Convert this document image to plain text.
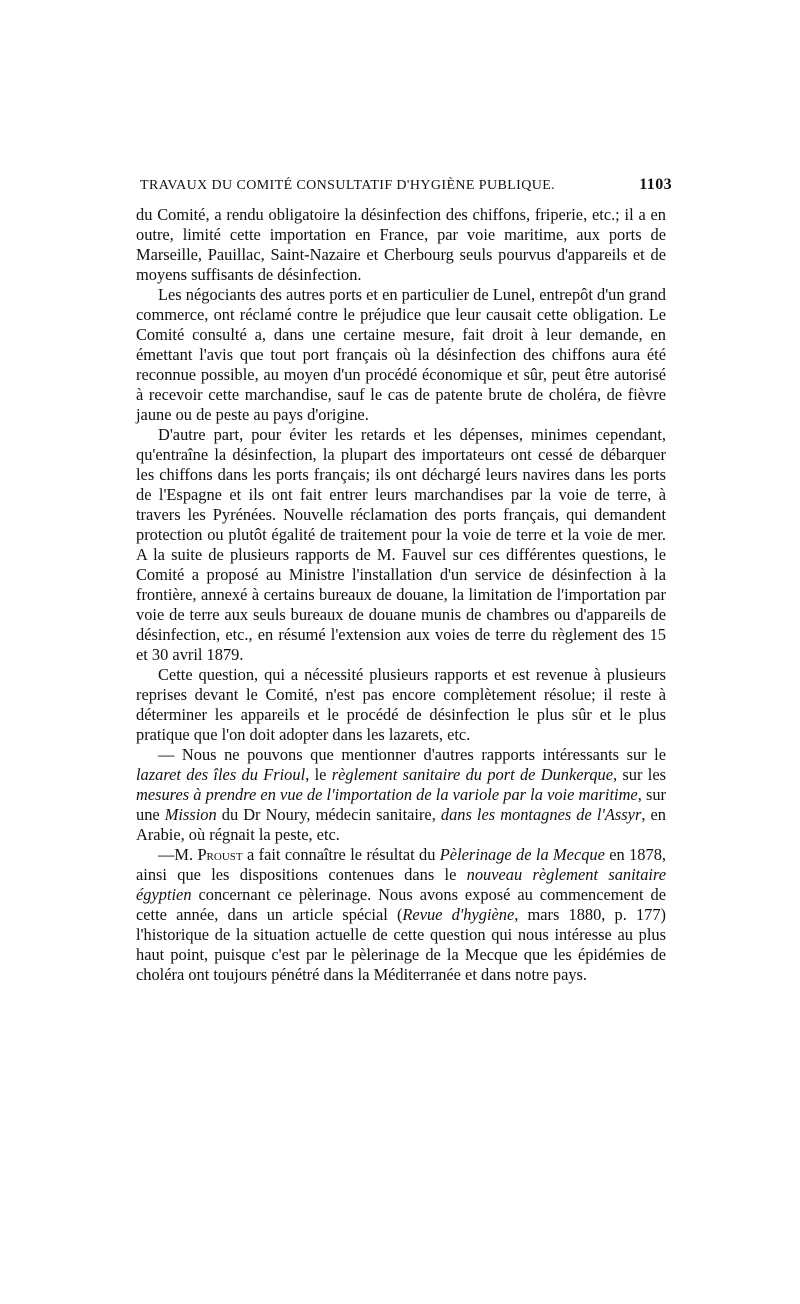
TRAVAUX DU COMITÉ CONSULTATIF D'HYGIÈNE PUBLIQUE.	1103

du Comité, a rendu obligatoire la désinfection des chiffons, friperie, etc.; il a en outre, limité cette importation en France, par voie maritime, aux ports de Marseille, Pauillac, Saint-Nazaire et Cherbourg seuls pourvus d'appareils et de moyens suffisants de désinfection.

Les négociants des autres ports et en particulier de Lunel, entrepôt d'un grand commerce, ont réclamé contre le préjudice que leur causait cette obligation. Le Comité consulté a, dans une certaine mesure, fait droit à leur demande, en émettant l'avis que tout port français où la désinfection des chiffons aura été reconnue possible, au moyen d'un procédé économique et sûr, peut être autorisé à recevoir cette marchandise, sauf le cas de patente brute de choléra, de fièvre jaune ou de peste au pays d'origine.

D'autre part, pour éviter les retards et les dépenses, minimes cependant, qu'entraîne la désinfection, la plupart des importateurs ont cessé de débarquer les chiffons dans les ports français; ils ont déchargé leurs navires dans les ports de l'Espagne et ils ont fait entrer leurs marchandises par la voie de terre, à travers les Pyrénées. Nouvelle réclamation des ports français, qui demandent protection ou plutôt égalité de traitement pour la voie de terre et la voie de mer. A la suite de plusieurs rapports de M. Fauvel sur ces différentes questions, le Comité a proposé au Ministre l'installation d'un service de désinfection à la frontière, annexé à certains bureaux de douane, la limitation de l'importation par voie de terre aux seuls bureaux de douane munis de chambres ou d'appareils de désinfection, etc., en résumé l'extension aux voies de terre du règlement des 15 et 30 avril 1879.

Cette question, qui a nécessité plusieurs rapports et est revenue à plusieurs reprises devant le Comité, n'est pas encore complètement résolue; il reste à déterminer les appareils et le procédé de désinfection le plus sûr et le plus pratique que l'on doit adopter dans les lazarets, etc.

— Nous ne pouvons que mentionner d'autres rapports intéressants sur le lazaret des îles du Frioul, le règlement sanitaire du port de Dunkerque, sur les mesures à prendre en vue de l'importation de la variole par la voie maritime, sur une Mission du Dr Noury, médecin sanitaire, dans les montagnes de l'Assyr, en Arabie, où régnait la peste, etc.

—M. Proust a fait connaître le résultat du Pèlerinage de la Mecque en 1878, ainsi que les dispositions contenues dans le nouveau règlement sanitaire égyptien concernant ce pèlerinage. Nous avons exposé au commencement de cette année, dans un article spécial (Revue d'hygiène, mars 1880, p. 177) l'historique de la situation actuelle de cette question qui nous intéresse au plus haut point, puisque c'est par le pèlerinage de la Mecque que les épidémies de choléra ont toujours pénétré dans la Méditerranée et dans notre pays.
